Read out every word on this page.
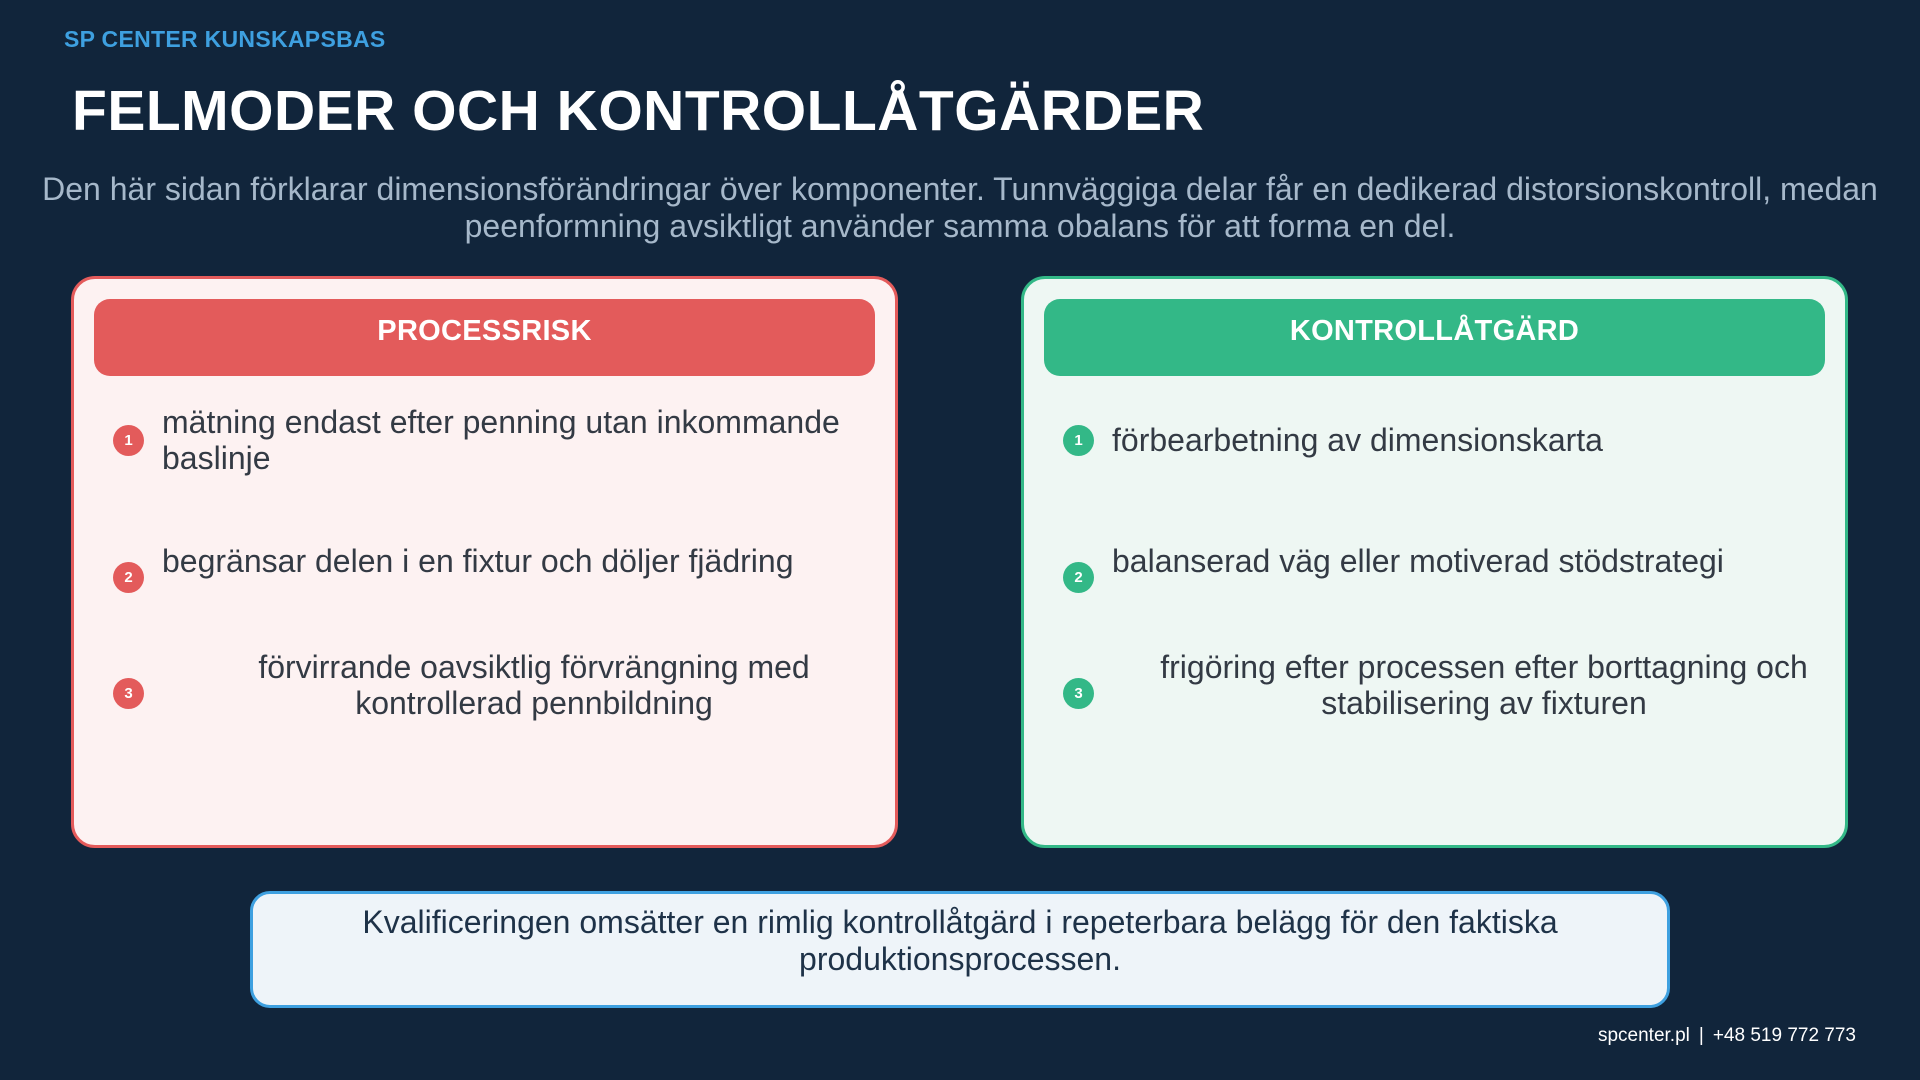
SP CENTER KUNSKAPSBAS
FELMODER OCH KONTROLLÅTGÄRDER
Den här sidan förklarar dimensionsförändringar över komponenter. Tunnväggiga delar får en dedikerad distorsionskontroll, medan peenformning avsiktligt använder samma obalans för att forma en del.
PROCESSRISK
1
mätning endast efter penning utan inkommande baslinje
2 begränsar delen i en fixtur och döljer fjädring
3
förvirrande oavsiktlig förvrängning med kontrollerad pennbildning
KONTROLLÅTGÄRD
1 förbearbetning av dimensionskarta
2 balanserad väg eller motiverad stödstrategi
3
frigöring efter processen efter borttagning och stabilisering av fixturen
Kvalificeringen omsätter en rimlig kontrollåtgärd i repeterbara belägg för den faktiska produktionsprocessen.
spcenter.pl | +48 519 772 773
